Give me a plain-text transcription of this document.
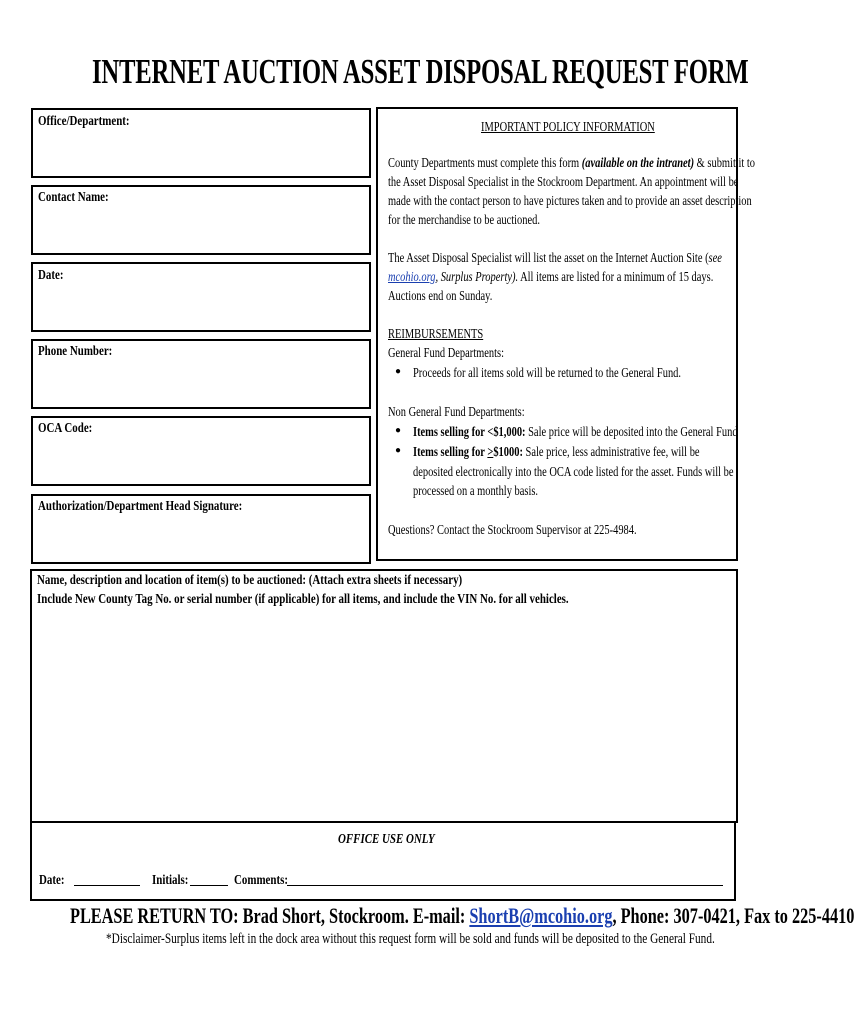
INTERNET AUCTION ASSET DISPOSAL REQUEST FORM
Office/Department:
Contact Name:
Date:
Phone Number:
OCA Code:
Authorization/Department Head Signature:
IMPORTANT POLICY INFORMATION
County Departments must complete this form (available on the intranet) & submit it to
the Asset Disposal Specialist in the Stockroom Department. An appointment will be
made with the contact person to have pictures taken and to provide an asset description
for the merchandise to be auctioned.
The Asset Disposal Specialist will list the asset on the Internet Auction Site (see
mcohio.org, Surplus Property). All items are listed for a minimum of 15 days.
Auctions end on Sunday.
REIMBURSEMENTS
General Fund Departments:
● Proceeds for all items sold will be returned to the General Fund.
Non General Fund Departments:
● Items selling for <$1,000: Sale price will be deposited into the General Fund
● Items selling for >$1000: Sale price, less administrative fee, will be
deposited electronically into the OCA code listed for the asset. Funds will be
processed on a monthly basis.
Questions? Contact the Stockroom Supervisor at 225-4984.
Name, description and location of item(s) to be auctioned: (Attach extra sheets if necessary)
Include New County Tag No. or serial number (if applicable) for all items, and include the VIN No. for all vehicles.
OFFICE USE ONLY
Date:	Initials:	Comments:
PLEASE RETURN TO: Brad Short, Stockroom. E-mail: ShortB@mcohio.org, Phone: 307-0421, Fax to 225-4410
*Disclaimer-Surplus items left in the dock area without this request form will be sold and funds will be deposited to the General Fund.
